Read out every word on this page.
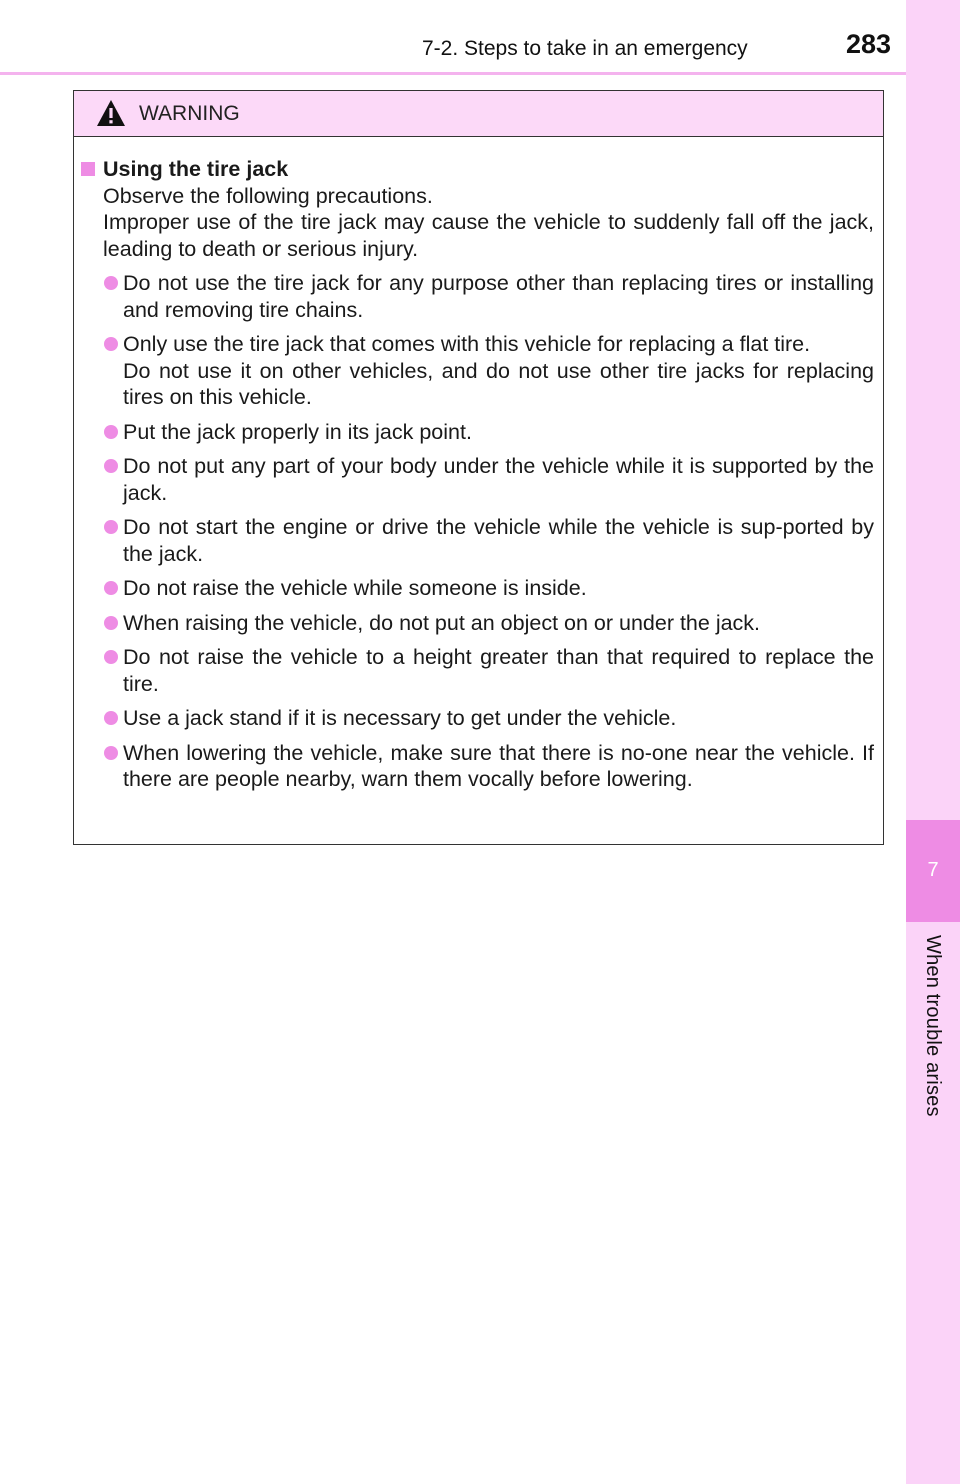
7-2. Steps to take in an emergency	283
7
When trouble arises
WARNING
Using the tire jack

Observe the following precautions.

Improper use of the tire jack may cause the vehicle to suddenly fall off the jack, leading to death or serious injury.

Do not use the tire jack for any purpose other than replacing tires or installing and removing tire chains.

Only use the tire jack that comes with this vehicle for replacing a flat tire.

Do not use it on other vehicles, and do not use other tire jacks for replacing tires on this vehicle.

Put the jack properly in its jack point.

Do not put any part of your body under the vehicle while it is supported by the jack.

Do not start the engine or drive the vehicle while the vehicle is sup-ported by the jack.

Do not raise the vehicle while someone is inside.

When raising the vehicle, do not put an object on or under the jack.

Do not raise the vehicle to a height greater than that required to replace the tire.

Use a jack stand if it is necessary to get under the vehicle.

When lowering the vehicle, make sure that there is no-one near the vehicle. If there are people nearby, warn them vocally before lowering.
